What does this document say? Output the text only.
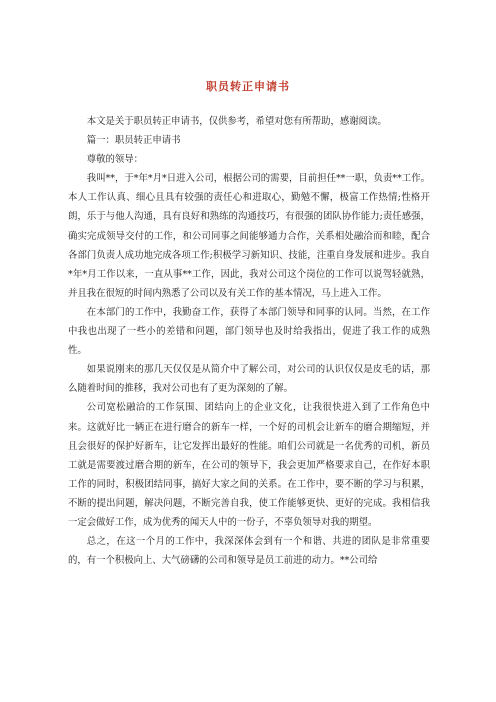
职员转正申请书

本文是关于职员转正申请书，仅供参考，希望对您有所帮助，感谢阅读。

篇一：职员转正申请书

尊敬的领导：

我叫**，于*年*月*日进入公司，根据公司的需要，目前担任**一职，负责**工作。本人工作认真、细心且具有较强的责任心和进取心，勤勉不懈，极富工作热情;性格开朗，乐于与他人沟通，具有良好和熟练的沟通技巧，有很强的团队协作能力;责任感强，确实完成领导交付的工作，和公司同事之间能够通力合作，关系相处融洽而和睦，配合各部门负责人成功地完成各项工作;积极学习新知识、技能，注重自身发展和进步。我自*年*月工作以来，一直从事**工作，因此，我对公司这个岗位的工作可以说驾轻就熟，并且我在很短的时间内熟悉了公司以及有关工作的基本情况，马上进入工作。

在本部门的工作中，我勤奋工作，获得了本部门领导和同事的认同。当然，在工作中我也出现了一些小的差错和问题，部门领导也及时给我指出，促进了我工作的成熟性。

如果说刚来的那几天仅仅是从简介中了解公司，对公司的认识仅仅是皮毛的话，那么随着时间的推移，我对公司也有了更为深刻的了解。

公司宽松融洽的工作氛围、团结向上的企业文化，让我很快进入到了工作角色中来。这就好比一辆正在进行磨合的新车一样，一个好的司机会让新车的磨合期缩短，并且会很好的保护好新车，让它发挥出最好的性能。咱们公司就是一名优秀的司机，新员工就是需要渡过磨合期的新车，在公司的领导下，我会更加严格要求自己，在作好本职工作的同时，积极团结同事，搞好大家之间的关系。在工作中，要不断的学习与积累，不断的提出问题，解决问题，不断完善自我，使工作能够更快、更好的完成。我相信我一定会做好工作，成为优秀的闻天人中的一份子，不辜负领导对我的期望。

总之，在这一个月的工作中，我深深体会到有一个和谐、共进的团队是非常重要的，有一个积极向上、大气磅礴的公司和领导是员工前进的动力。**公司给
